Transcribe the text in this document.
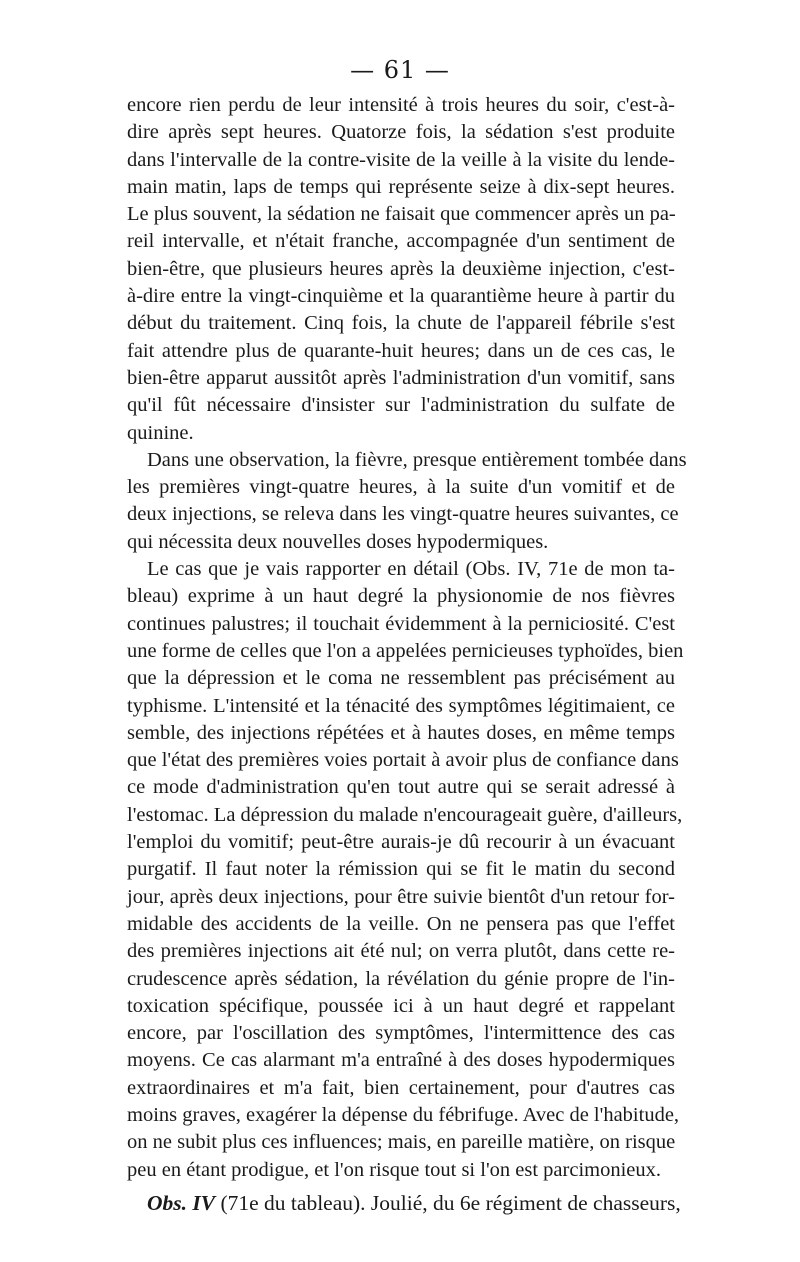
— 61 —
encore rien perdu de leur intensité à trois heures du soir, c'est-à-
dire après sept heures. Quatorze fois, la sédation s'est produite
dans l'intervalle de la contre-visite de la veille à la visite du lende-
main matin, laps de temps qui représente seize à dix-sept heures.
Le plus souvent, la sédation ne faisait que commencer après un pa-
reil intervalle, et n'était franche, accompagnée d'un sentiment de
bien-être, que plusieurs heures après la deuxième injection, c'est-
à-dire entre la vingt-cinquième et la quarantième heure à partir du
début du traitement. Cinq fois, la chute de l'appareil fébrile s'est
fait attendre plus de quarante-huit heures; dans un de ces cas, le
bien-être apparut aussitôt après l'administration d'un vomitif, sans
qu'il fût nécessaire d'insister sur l'administration du sulfate de
quinine.
Dans une observation, la fièvre, presque entièrement tombée dans
les premières vingt-quatre heures, à la suite d'un vomitif et de
deux injections, se releva dans les vingt-quatre heures suivantes, ce
qui nécessita deux nouvelles doses hypodermiques.
Le cas que je vais rapporter en détail (Obs. IV, 71e de mon ta-
bleau) exprime à un haut degré la physionomie de nos fièvres
continues palustres; il touchait évidemment à la perniciosité. C'est
une forme de celles que l'on a appelées pernicieuses typhoïdes, bien
que la dépression et le coma ne ressemblent pas précisément au
typhisme. L'intensité et la ténacité des symptômes légitimaient, ce
semble, des injections répétées et à hautes doses, en même temps
que l'état des premières voies portait à avoir plus de confiance dans
ce mode d'administration qu'en tout autre qui se serait adressé à
l'estomac. La dépression du malade n'encourageait guère, d'ailleurs,
l'emploi du vomitif; peut-être aurais-je dû recourir à un évacuant
purgatif. Il faut noter la rémission qui se fit le matin du second
jour, après deux injections, pour être suivie bientôt d'un retour for-
midable des accidents de la veille. On ne pensera pas que l'effet
des premières injections ait été nul; on verra plutôt, dans cette re-
crudescence après sédation, la révélation du génie propre de l'in-
toxication spécifique, poussée ici à un haut degré et rappelant
encore, par l'oscillation des symptômes, l'intermittence des cas
moyens. Ce cas alarmant m'a entraîné à des doses hypodermiques
extraordinaires et m'a fait, bien certainement, pour d'autres cas
moins graves, exagérer la dépense du fébrifuge. Avec de l'habitude,
on ne subit plus ces influences; mais, en pareille matière, on risque
peu en étant prodigue, et l'on risque tout si l'on est parcimonieux.
Obs. IV (71e du tableau). Joulié, du 6e régiment de chasseurs,
